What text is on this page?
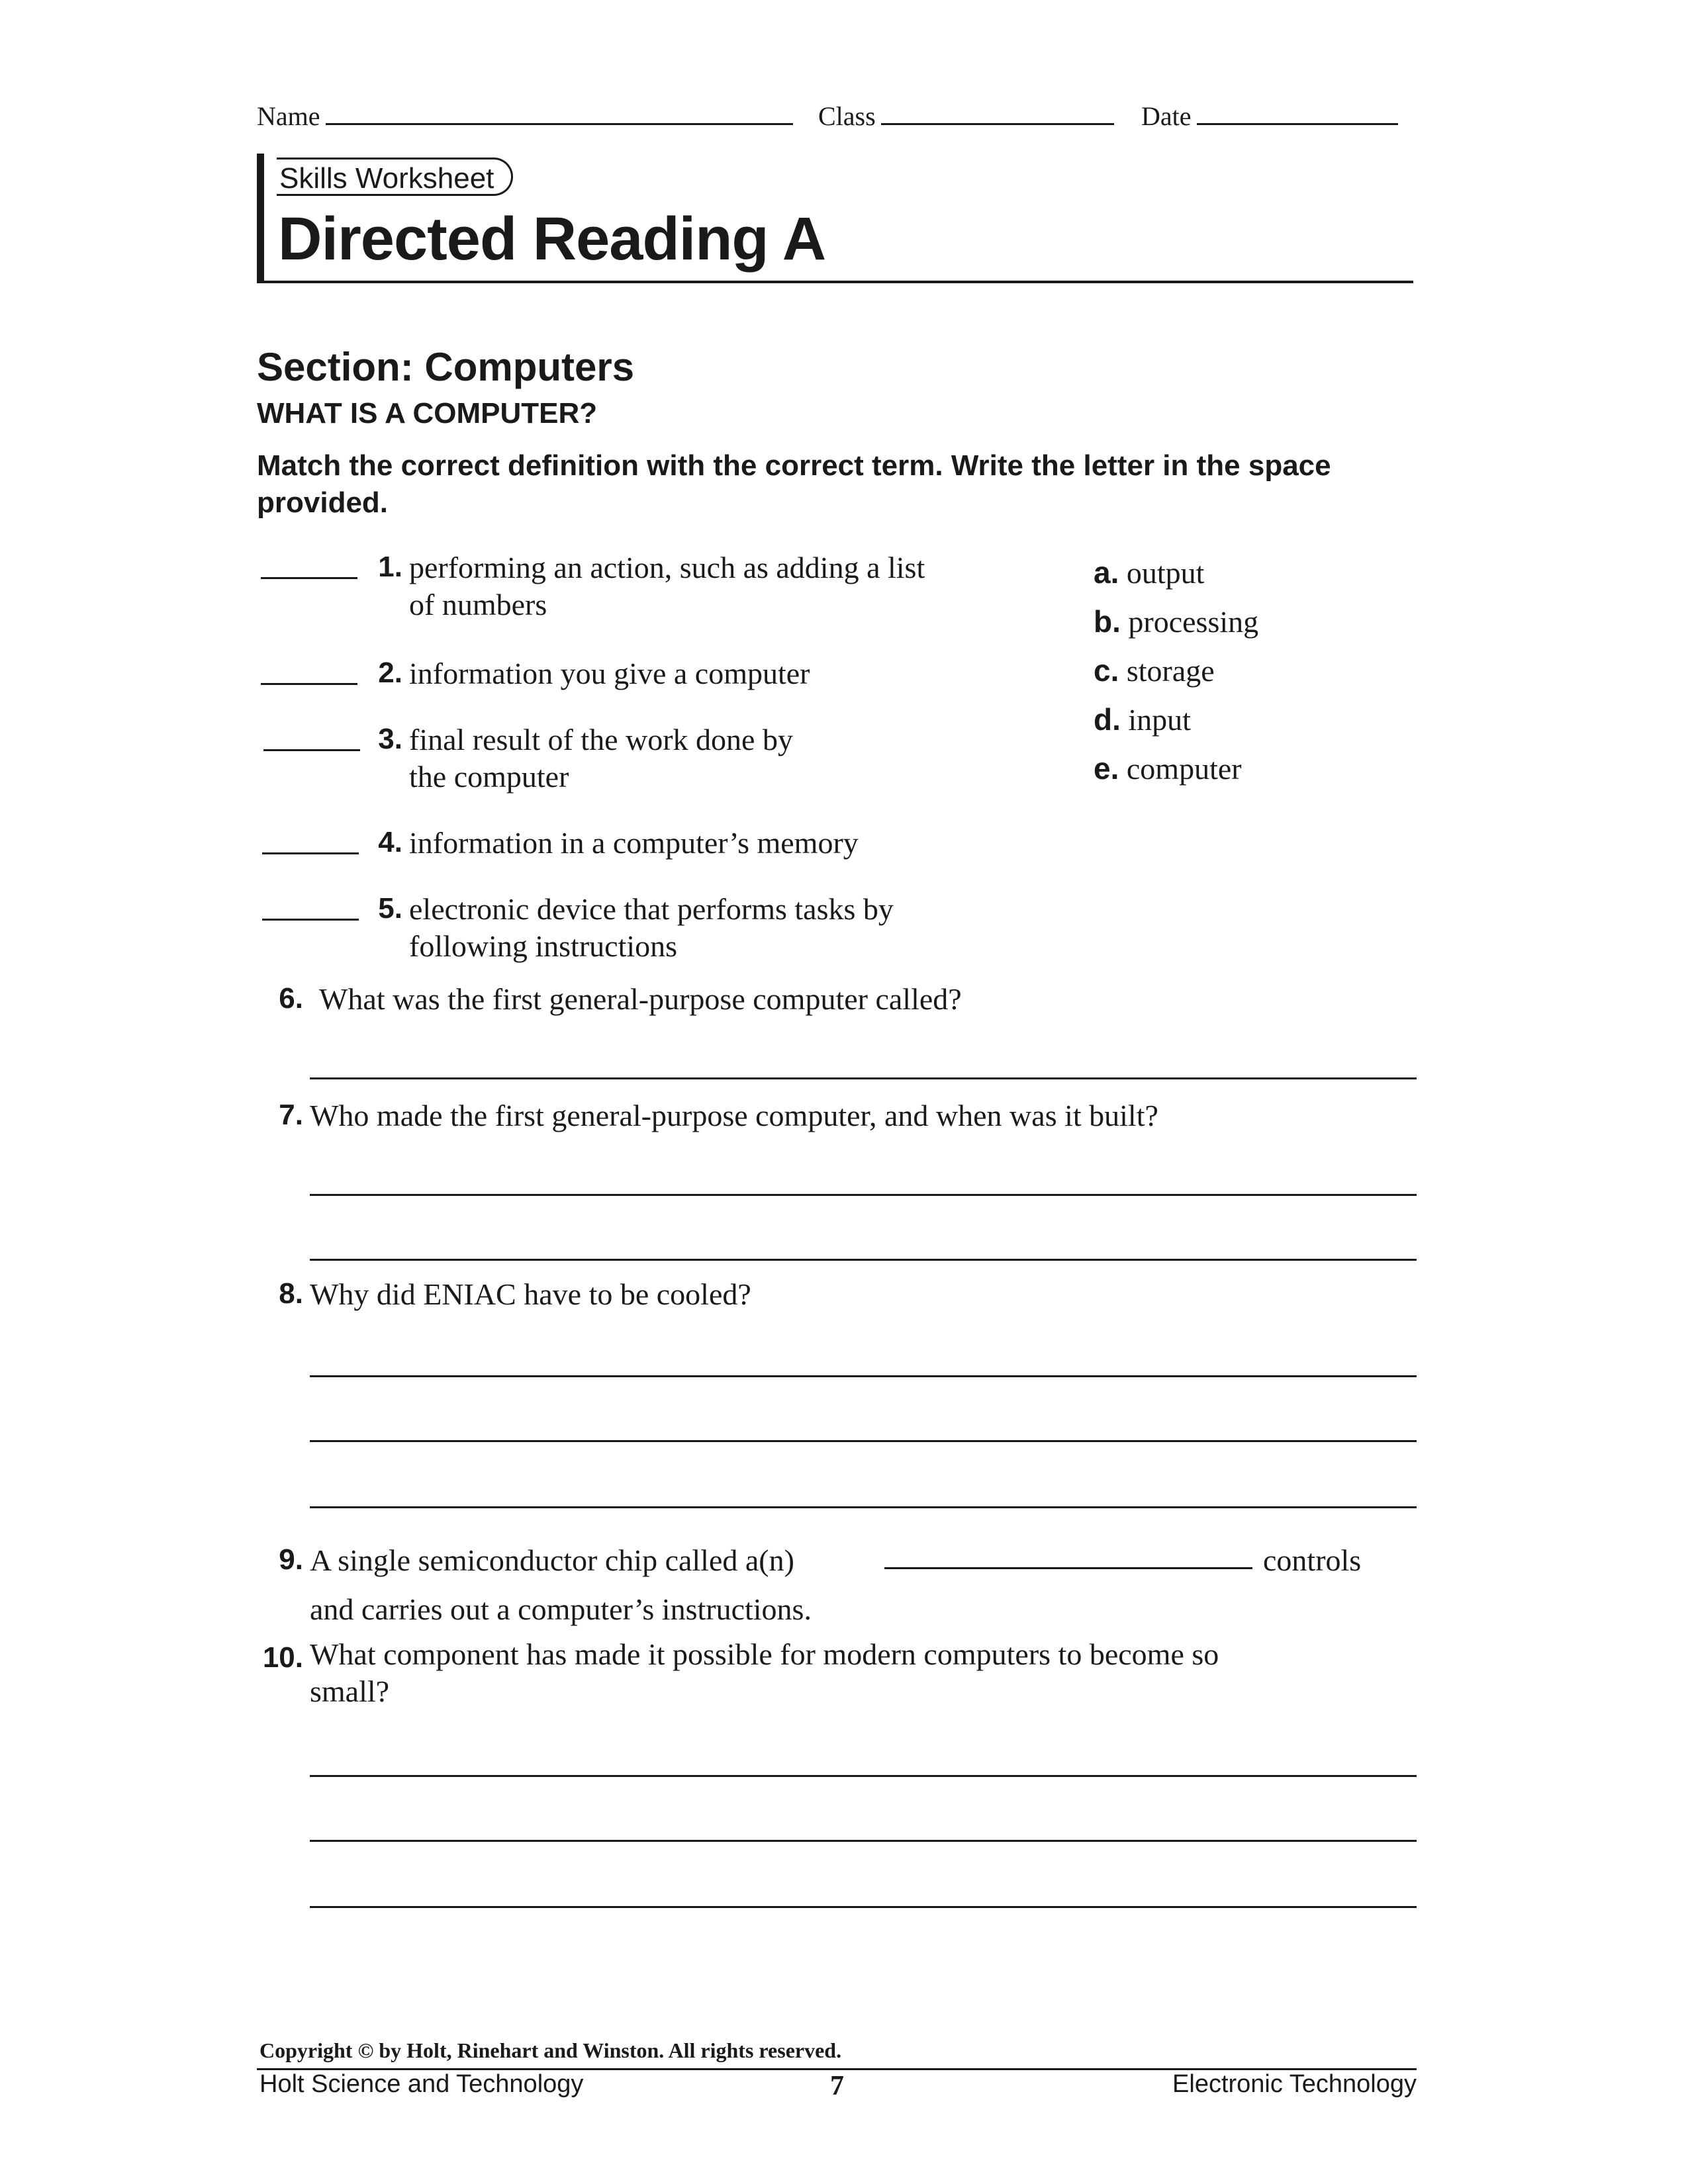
Name	Class	Date
Skills Worksheet
Directed Reading A
Section: Computers
WHAT IS A COMPUTER?
Match the correct definition with the correct term. Write the letter in the space provided.
1. performing an action, such as adding a list
of numbers
2. information you give a computer
3. final result of the work done by
the computer
4. information in a computer’s memory
5. electronic device that performs tasks by
following instructions
a. output
b. processing
c. storage
d. input
e. computer
6. What was the first general-purpose computer called?
7. Who made the first general-purpose computer, and when was it built?
8. Why did ENIAC have to be cooled?
9. A single semiconductor chip called a(n)	controls
and carries out a computer’s instructions.
10. What component has made it possible for modern computers to become so
small?
Copyright © by Holt, Rinehart and Winston. All rights reserved.
Holt Science and Technology	7	Electronic Technology
